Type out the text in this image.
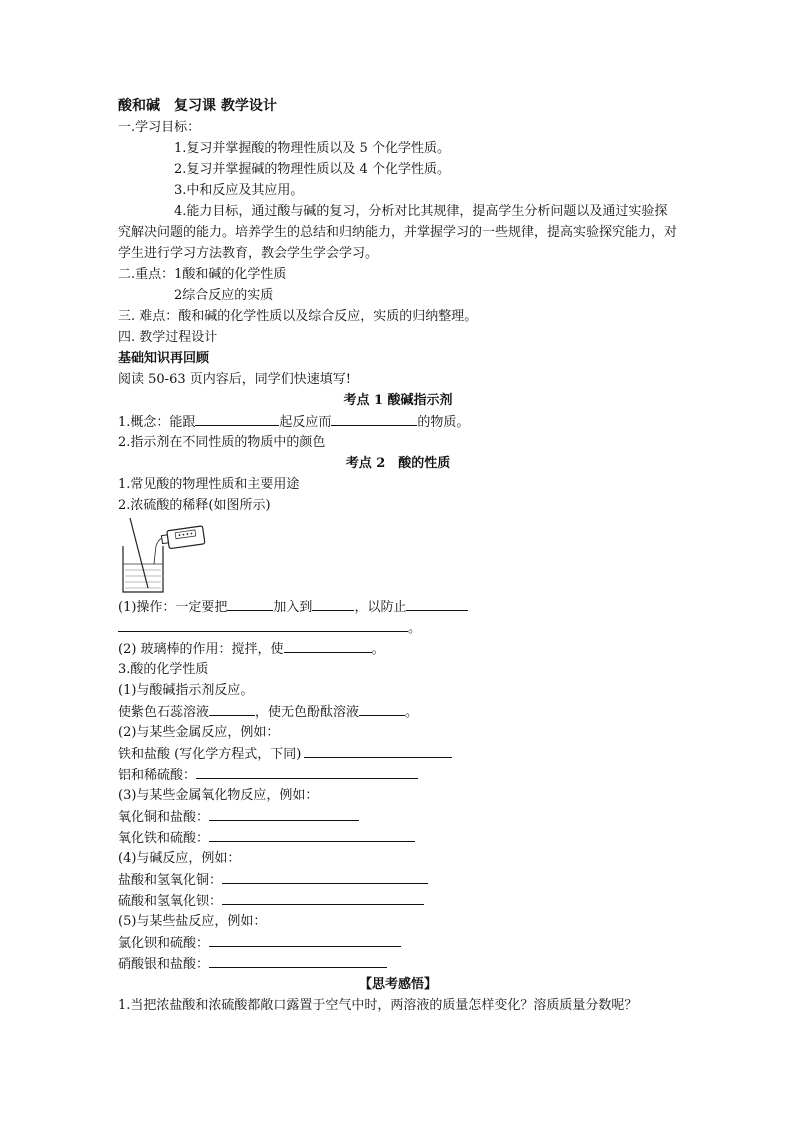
酸和碱　复习课 教学设计
一.学习目标：
1.复习并掌握酸的物理性质以及 5 个化学性质。
2.复习并掌握碱的物理性质以及 4 个化学性质。
3.中和反应及其应用。
4.能力目标，通过酸与碱的复习，分析对比其规律，提高学生分析问题以及通过实验探究解决问题的能力。培养学生的总结和归纳能力，并掌握学习的一些规律，提高实验探究能力，对学生进行学习方法教育，教会学生学会学习。
二.重点：1酸和碱的化学性质
2综合反应的实质
三. 难点：酸和碱的化学性质以及综合反应，实质的归纳整理。
四. 教学过程设计
基础知识再回顾
阅读 50-63 页内容后，同学们快速填写!
考点 1 酸碱指示剂
1.概念：能跟	起反应而	的物质。
2.指示剂在不同性质的物质中的颜色
考点 2　酸的性质
1.常见酸的物理性质和主要用途
2.浓硫酸的稀释(如图所示)
(1)操作：一定要把	加入到	，以防止
。
(2) 玻璃棒的作用：搅拌，使	。
3.酸的化学性质
(1)与酸碱指示剂反应。
使紫色石蕊溶液	，使无色酚酞溶液	。
(2)与某些金属反应，例如：
铁和盐酸 (写化学方程式，下同)
铝和稀硫酸：
(3)与某些金属氧化物反应，例如：
氧化铜和盐酸：
氧化铁和硫酸：
(4)与碱反应，例如：
盐酸和氢氧化铜：
硫酸和氢氧化钡：
(5)与某些盐反应，例如：
氯化钡和硫酸：
硝酸银和盐酸：
【思考感悟】
1.当把浓盐酸和浓硫酸都敞口露置于空气中时，两溶液的质量怎样变化？溶质质量分数呢？
